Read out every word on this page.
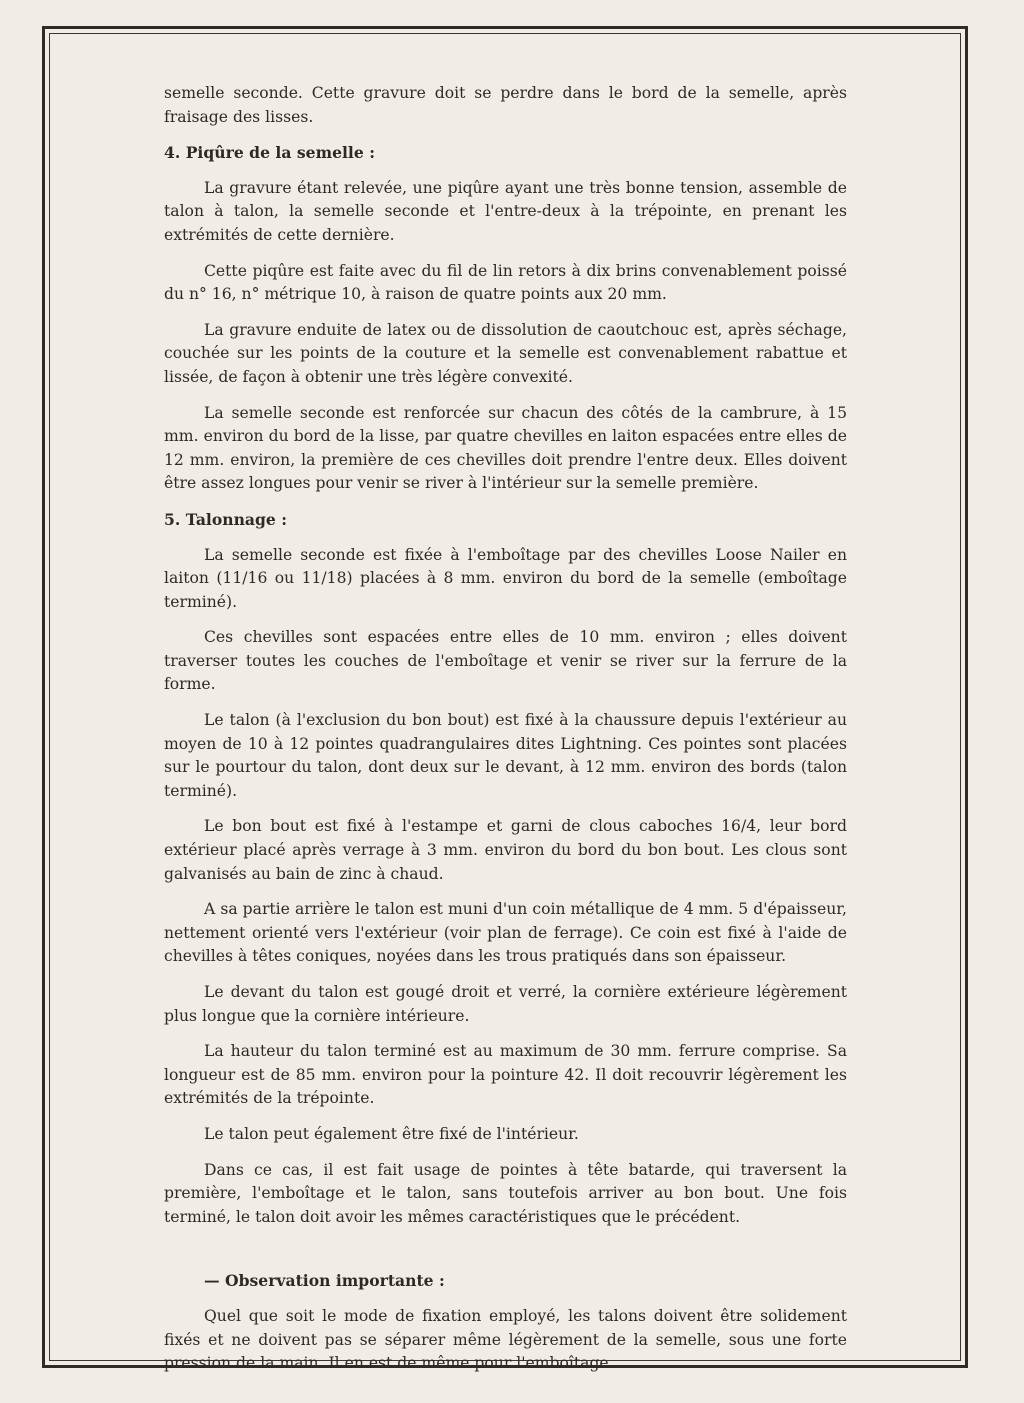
semelle seconde. Cette gravure doit se perdre dans le bord de la semelle, après fraisage des lisses.

4. Piqûre de la semelle :

La gravure étant relevée, une piqûre ayant une très bonne tension, assemble de talon à talon, la semelle seconde et l'entre-deux à la trépointe, en prenant les extrémités de cette dernière.

Cette piqûre est faite avec du fil de lin retors à dix brins convenablement poissé du n° 16, n° métrique 10, à raison de quatre points aux 20 mm.

La gravure enduite de latex ou de dissolution de caoutchouc est, après séchage, couchée sur les points de la couture et la semelle est convenablement rabattue et lissée, de façon à obtenir une très légère convexité.

La semelle seconde est renforcée sur chacun des côtés de la cambrure, à 15 mm. environ du bord de la lisse, par quatre chevilles en laiton espacées entre elles de 12 mm. environ, la première de ces chevilles doit prendre l'entre deux. Elles doivent être assez longues pour venir se river à l'intérieur sur la semelle première.

5. Talonnage :

La semelle seconde est fixée à l'emboîtage par des chevilles Loose Nailer en laiton (11/16 ou 11/18) placées à 8 mm. environ du bord de la semelle (emboîtage terminé).

Ces chevilles sont espacées entre elles de 10 mm. environ ; elles doivent traverser toutes les couches de l'emboîtage et venir se river sur la ferrure de la forme.

Le talon (à l'exclusion du bon bout) est fixé à la chaussure depuis l'extérieur au moyen de 10 à 12 pointes quadrangulaires dites Lightning. Ces pointes sont placées sur le pourtour du talon, dont deux sur le devant, à 12 mm. environ des bords (talon terminé).

Le bon bout est fixé à l'estampe et garni de clous caboches 16/4, leur bord extérieur placé après verrage à 3 mm. environ du bord du bon bout. Les clous sont galvanisés au bain de zinc à chaud.

A sa partie arrière le talon est muni d'un coin métallique de 4 mm. 5 d'épaisseur, nettement orienté vers l'extérieur (voir plan de ferrage). Ce coin est fixé à l'aide de chevilles à têtes coniques, noyées dans les trous pratiqués dans son épaisseur.

Le devant du talon est gougé droit et verré, la cornière extérieure légèrement plus longue que la cornière intérieure.

La hauteur du talon terminé est au maximum de 30 mm. ferrure comprise. Sa longueur est de 85 mm. environ pour la pointure 42. Il doit recouvrir légèrement les extrémités de la trépointe.

Le talon peut également être fixé de l'intérieur.

Dans ce cas, il est fait usage de pointes à tête batarde, qui traversent la première, l'emboîtage et le talon, sans toutefois arriver au bon bout. Une fois terminé, le talon doit avoir les mêmes caractéristiques que le précédent.

— Observation importante :

Quel que soit le mode de fixation employé, les talons doivent être solidement fixés et ne doivent pas se séparer même légèrement de la semelle, sous une forte pression de la main. Il en est de même pour l'emboîtage.
